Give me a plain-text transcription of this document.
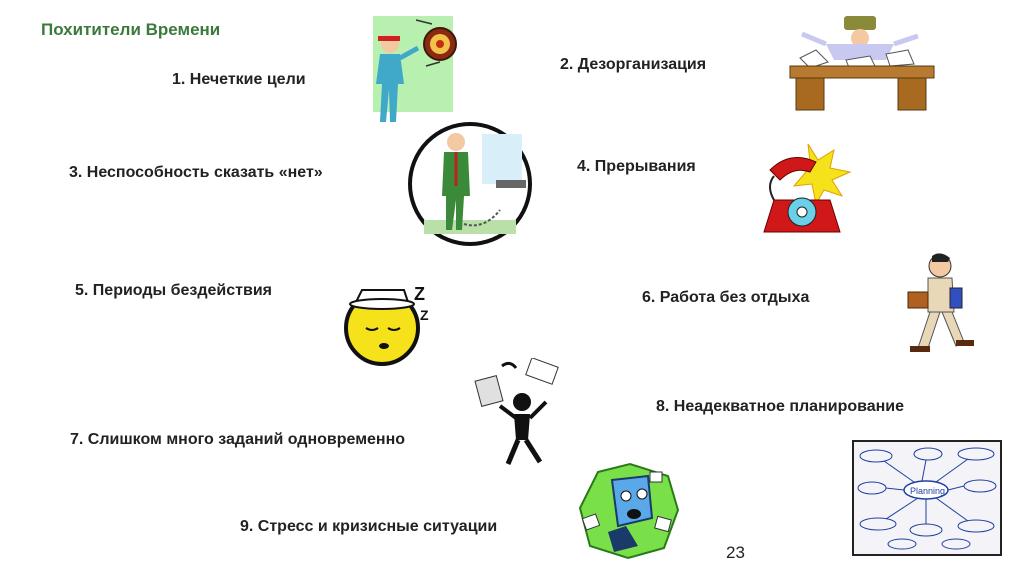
Похитители Времени
1. Нечеткие цели
2. Дезорганизация
3. Неспособность сказать «нет»	4. Прерывания
5. Периоды бездействия	6. Работа без отдыха
7. Слишком много заданий одновременно
8. Неадекватное планирование
9. Стресс и кризисные ситуации
Z
Z
Planning
23
